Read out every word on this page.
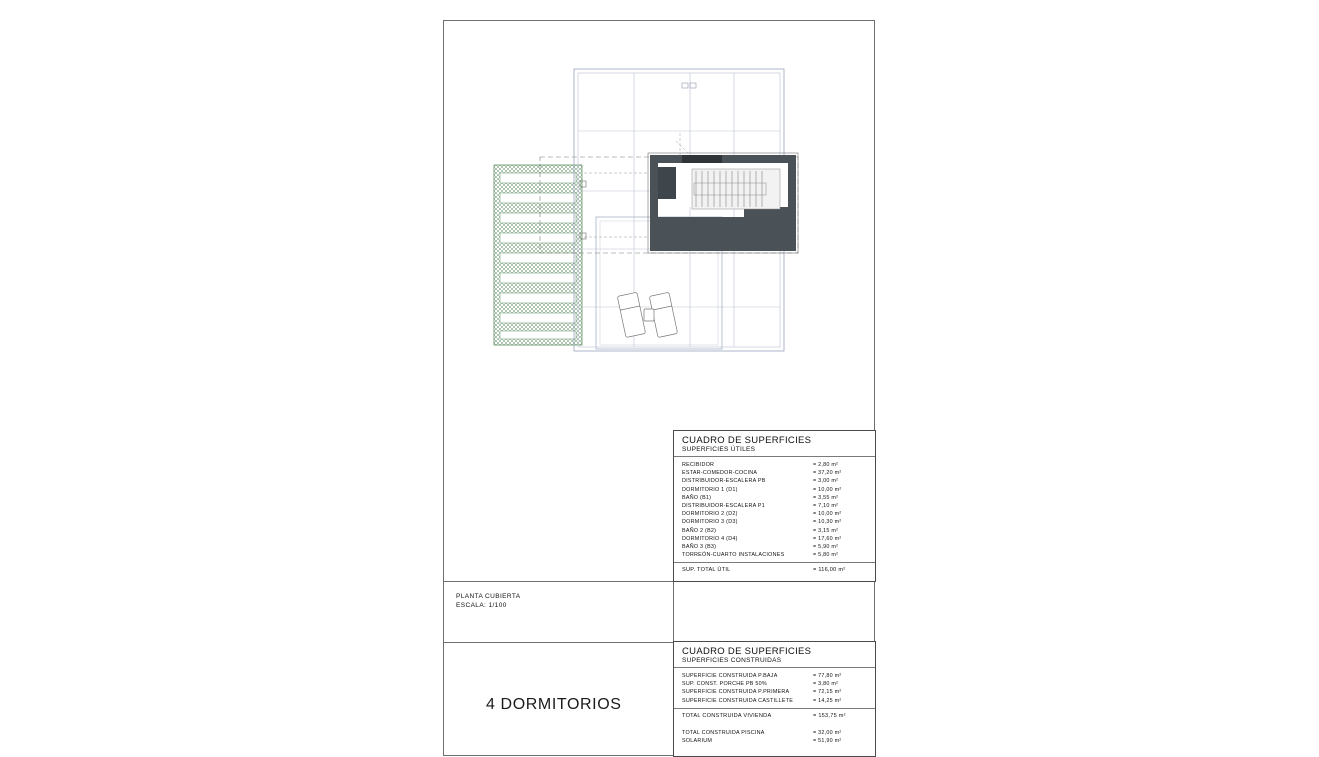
CUADRO DE SUPERFICIES
SUPERFICIES ÚTILES
RECIBIDOR	= 2,80 m²
ESTAR-COMEDOR-COCINA	= 37,20 m²
DISTRIBUIDOR-ESCALERA PB	= 3,00 m²
DORMITORIO 1 (D1)	= 10,00 m²
BAÑO (B1)	= 3,55 m²
DISTRIBUIDOR-ESCALERA P1	= 7,10 m²
DORMITORIO 2 (D2)	= 10,00 m²
DORMITORIO 3 (D3)	= 10,30 m²
BAÑO 2 (B2)	= 3,15 m²
DORMITORIO 4 (D4)	= 17,60 m²
BAÑO 3 (B3)	= 5,90 m²
TORREÓN-CUARTO INSTALACIONES	= 5,80 m²
SUP. TOTAL ÚTIL	= 116,00 m²
CUADRO DE SUPERFICIES
SUPERFICIES CONSTRUIDAS
SUPERFICIE CONSTRUIDA P.BAJA	= 77,80 m²
SUP. CONST. PORCHE PB 50%	= 3,80 m²
SUPERFICIE CONSTRUIDA P.PRIMERA	= 72,15 m²
SUPERFICIE CONSTRUIDA CASTILLETE	= 14,25 m²
TOTAL CONSTRUIDA VIVIENDA	= 153,75 m²
TOTAL CONSTRUIDA PISCINA	= 32,00 m²
SOLARIUM	= 51,90 m²
PLANTA CUBIERTA
ESCALA: 1/100
4 DORMITORIOS
